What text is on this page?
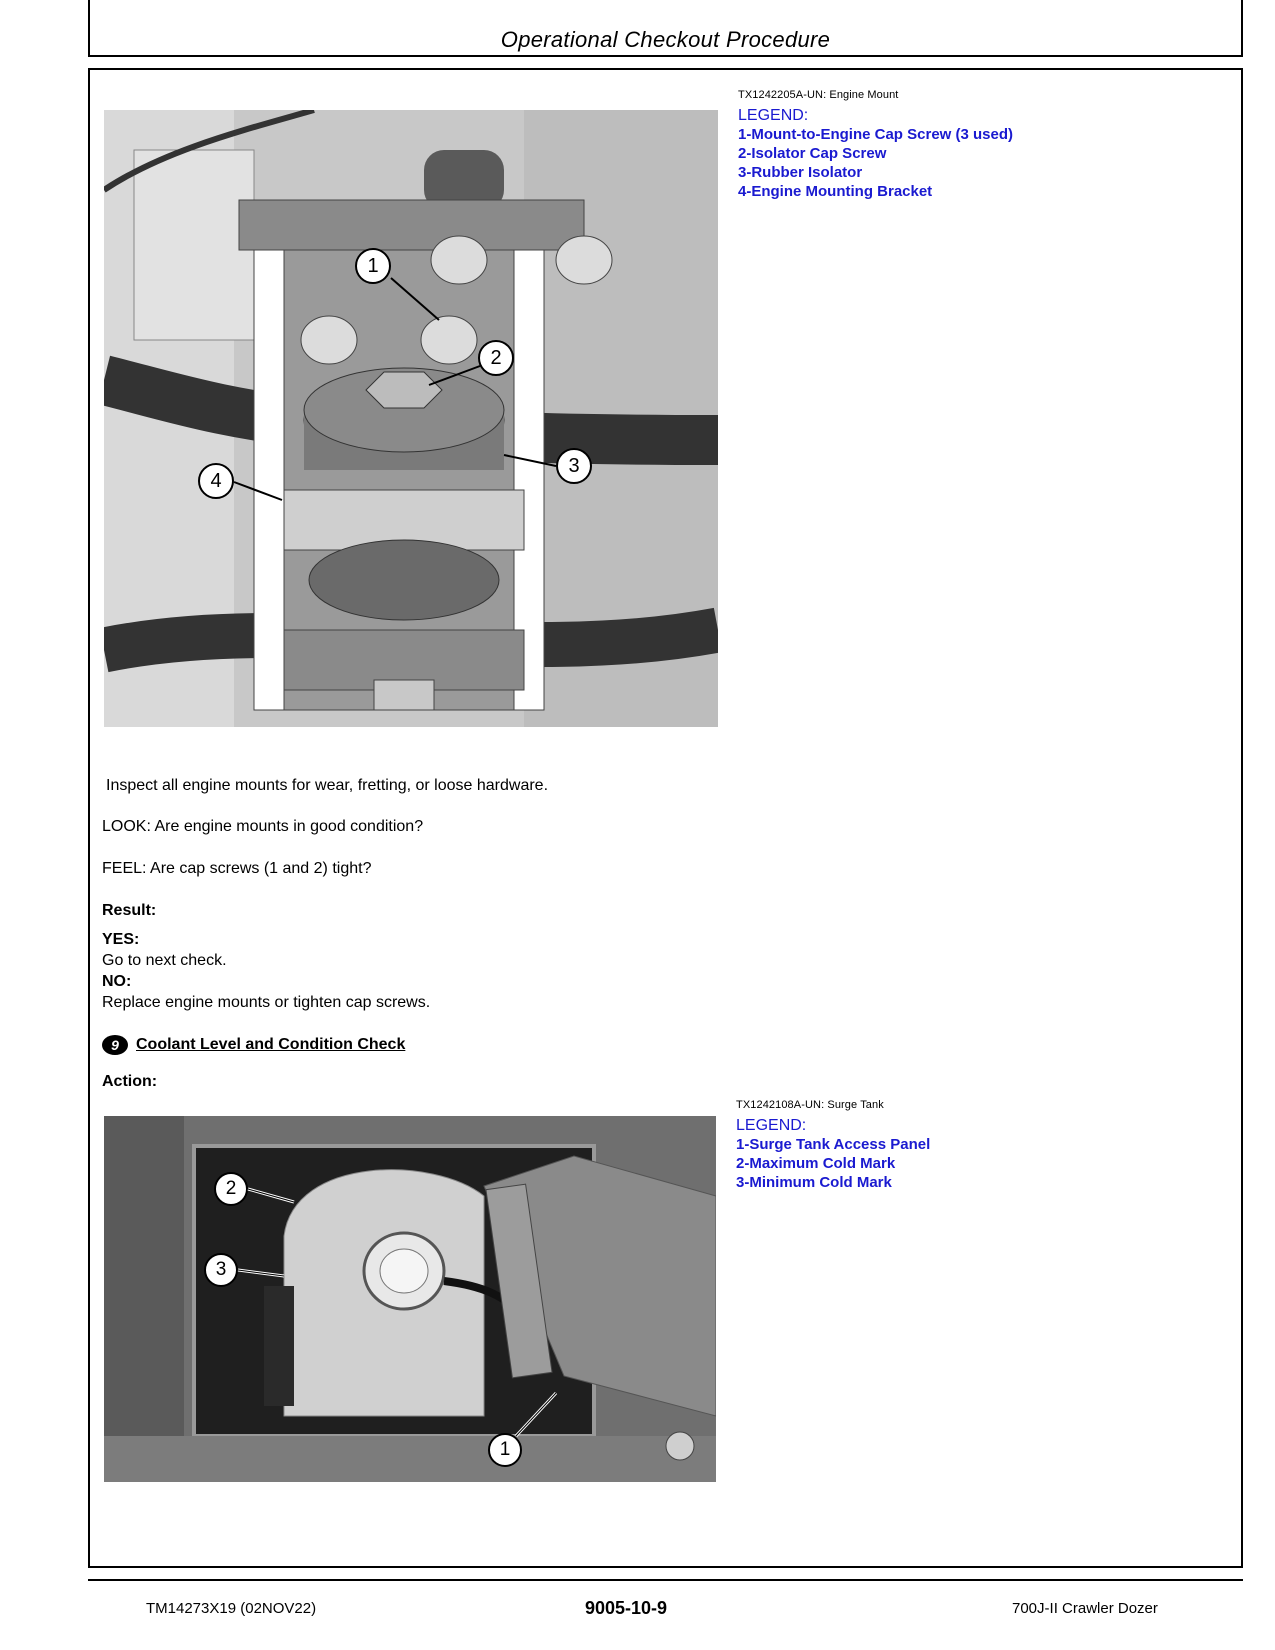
Operational Checkout Procedure
1
2
3
4
TX1242205A-UN: Engine Mount
LEGEND:
1-Mount-to-Engine Cap Screw (3 used)
2-Isolator Cap Screw
3-Rubber Isolator
4-Engine Mounting Bracket
Inspect all engine mounts for wear, fretting, or loose hardware.
LOOK: Are engine mounts in good condition?
FEEL: Are cap screws (1 and 2) tight?
Result:
YES:
Go to next check.
NO:
Replace engine mounts or tighten cap screws.
9	Coolant Level and Condition Check
Action:
2
3
1
TX1242108A-UN: Surge Tank
LEGEND:
1-Surge Tank Access Panel
2-Maximum Cold Mark
3-Minimum Cold Mark
TM14273X19 (02NOV22)	9005-10-9	700J-II Crawler Dozer
